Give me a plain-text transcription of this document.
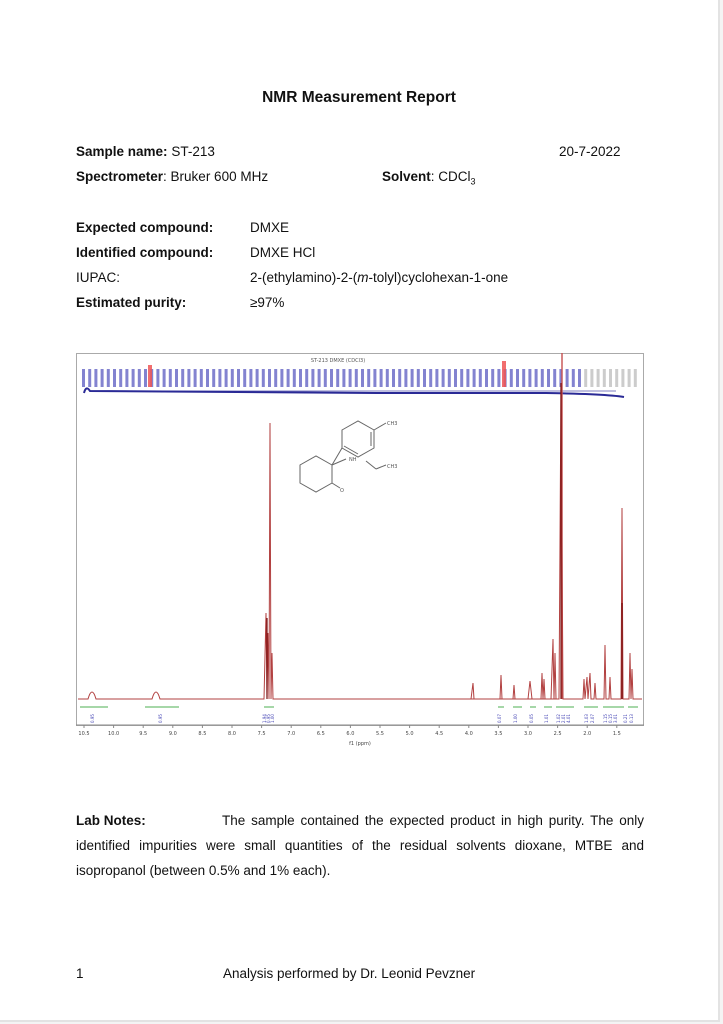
NMR Measurement Report
Sample name: ST-213	20-7-2022
Spectrometer: Bruker 600 MHz	Solvent: CDCl$_3$
Expected compound:	DMXE
Identified compound:	DMXE HCl
IUPAC:	2-(ethylamino)-2-(m-tolyl)cyclohexan-1-one
Estimated purity:	≥97%
ST-213 DMXE (CDCl3)
CH3
NH
CH3
O
0.95	0.95	1.94 0.95 1.00	0.07	1.00	0.05	1.01 1.02 2.01 4.01	1.03 2.07 1.15 0.15 3.01 0.21 0.13
10.5	10.0	9.5	9.0	8.5	8.0	7.5	7.0	6.5	6.0	5.5	5.0	4.5	4.0	3.5	3.0	2.5	2.0	1.5
f1 (ppm)
Lab Notes:	The sample contained the expected product in high purity. The only identified impurities were small quantities of the residual solvents dioxane, MTBE and isopropanol (between 0.5% and 1% each).
1	Analysis performed by Dr. Leonid Pevzner
